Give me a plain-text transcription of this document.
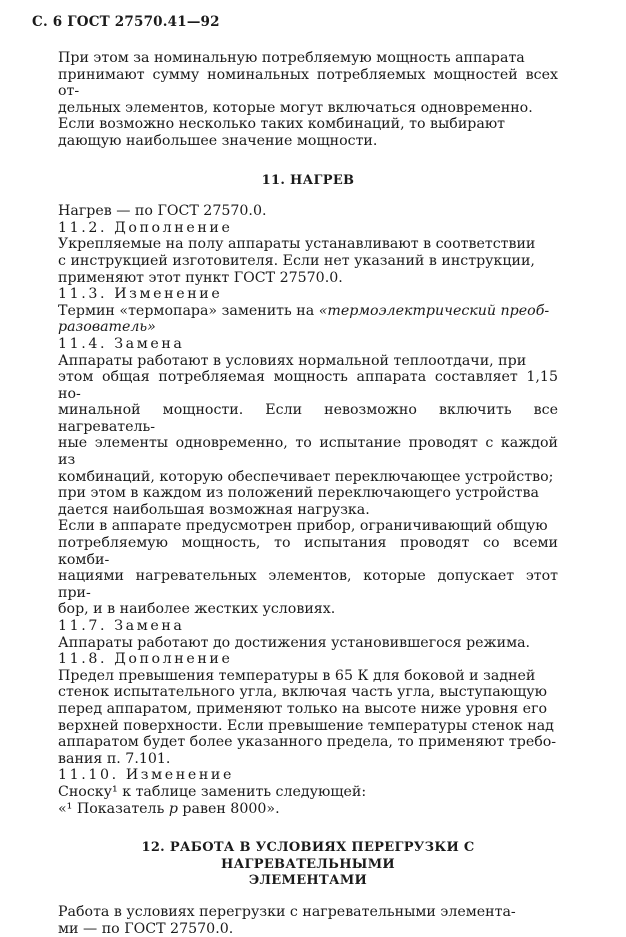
С. 6 ГОСТ 27570.41—92

При этом за номинальную потребляемую мощность аппарата

принимают сумму номинальных потребляемых мощностей всех от-

дельных элементов, которые могут включаться одновременно.

Если возможно несколько таких комбинаций, то выбирают

дающую наибольшее значение мощности.

11. НАГРЕВ

Нагрев — по ГОСТ 27570.0.

11.2. Дополнение

Укрепляемые на полу аппараты устанавливают в соответствии

с инструкцией изготовителя. Если нет указаний в инструкции,

применяют этот пункт ГОСТ 27570.0.

11.3. Изменение

Термин «термопара» заменить на «термоэлектрический преоб-

разователь»

11.4. Замена

Аппараты работают в условиях нормальной теплоотдачи, при

этом общая потребляемая мощность аппарата составляет 1,15 но-

минальной мощности. Если невозможно включить все нагреватель-

ные элементы одновременно, то испытание проводят с каждой из

комбинаций, которую обеспечивает переключающее устройство;

при этом в каждом из положений переключающего устройства

дается наибольшая возможная нагрузка.

Если в аппарате предусмотрен прибор, ограничивающий общую

потребляемую мощность, то испытания проводят со всеми комби-

нациями нагревательных элементов, которые допускает этот при-

бор, и в наиболее жестких условиях.

11.7. Замена

Аппараты работают до достижения установившегося режима.

11.8. Дополнение

Предел превышения температуры в 65 К для боковой и задней

стенок испытательного угла, включая часть угла, выступающую

перед аппаратом, применяют только на высоте ниже уровня его

верхней поверхности. Если превышение температуры стенок над

аппаратом будет более указанного предела, то применяют требо-

вания п. 7.101.

11.10. Изменение

Сноску¹ к таблице заменить следующей:

«¹ Показатель p равен 8000».

12. РАБОТА В УСЛОВИЯХ ПЕРЕГРУЗКИ С НАГРЕВАТЕЛЬНЫМИ

ЭЛЕМЕНТАМИ

Работа в условиях перегрузки с нагревательными элемента-

ми — по ГОСТ 27570.0.
